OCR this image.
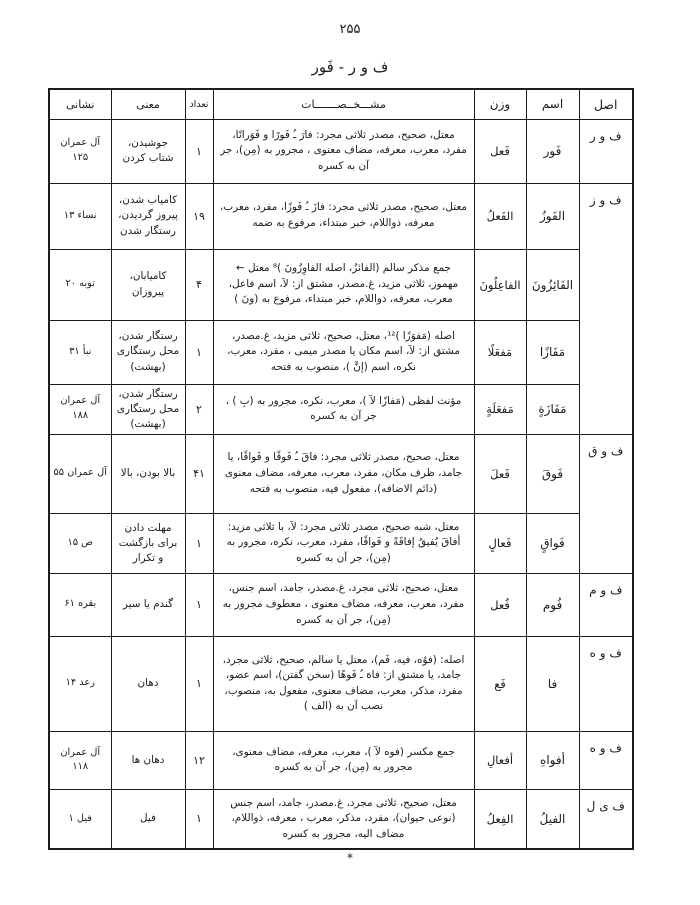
۲۵۵
ف و ر - فَور
اصل	اسم	وزن	مشـــخــصـــــــات	تعداد	معنی	نشانی
ف و ر	فَور	فَعل	معتل، صحیح، مصدر ثلاثی مجرد: فارَ ـُ فَورًا و فَوَرانًا، مفرد، معرب، معرفه، مضاف معنوی ، مجرور به (مِن)، جر آن به کسره	۱	جوشیدن، شتاب کردن	آل عمران ۱۲۵
ف و ز	الفَوزُ	الفَعلُ	معتل، صحیح، مصدر ثلاثی مجرد: فازَ ـُ فَوزًا، مفرد، معرب، معرفه، ذواللام، خبر مبتداء، مرفوع به ضمه	۱۹	کامیاب شدن، پیروز گردیدن، رستگار شدن	نساء ۱۳
	الفَائِزُونَ	الفاعِلُونَ	جمع مذکر سالم (الفائزُ، اصله الفاوِزُونَ )⁸ معتل ← مهموز، ثلاثی مزید، غ.مصدر، مشتق از: ﻵ، اسم فاعل، معرب، معرفه، ذواللام، خبر مبتداء، مرفوع به (ونَ )	۴	کامیابان، پیروزان	توبه ۲۰
	مَفَازًا	مَفعَلًا	اصله (مَفوَزًا )¹²، معتل، صحیح، ثلاثی مزید، غ.مصدر، مشتق از: ﻵ، اسم مکان یا مصدر میمی ، مفرد، معرب، نکره، اسم (إنَّ )، منصوب به فتحه	۱	رستگار شدن، محل رستگاری (بهشت)	نبأ ۳۱
	مَفَازَةٍ	مَفعَلَةٍ	مؤنث لفظی (مَفازًا ﻵ )، معرب، نکره، مجرور به (بِ ) ، جر آن به کسره	۲	رستگار شدن، محل رستگاری (بهشت)	آل عمران ۱۸۸
ف و ق	فَوقَ	فَعلَ	معتل، صحیح، مصدر ثلاثی مجرد: فاقَ ـُ فَوقًا و فَواقًا، یا جامد، ظرف مکان، مفرد، معرب، معرفه، مضاف معنوی (دائم الاضافه)، مفعول فیه، منصوب به فتحه	۴۱	بالا بودن، بالا	آل عمران ۵۵
	فَواقٍ	فَعالٍ	معتل، شبه صحیح، مصدر ثلاثی مجرد: ﻵ، با ثلاثی مزید: أفاقَ یُفیقُ إفاقَةً و فَواقًا، مفرد، معرب، نکره، مجرور به (مِن)، جر آن به کسره	۱	مهلت دادن برای بازگشت و تکرار	ص ۱۵
ف و م	فُوم	فُعل	معتل، صحیح، ثلاثی مجرد، غ.مصدر، جامد، اسم جنس، مفرد، معرب، معرفه، مضاف معنوی ، معطوف مجرور به (مِن)، جر آن به کسره	۱	گندم یا سیر	بقره ۶۱
ف و ه	فا	فَع	اصله: (فوُه، فیه، فَم)، معتل یا سالم، صحیح، ثلاثی مجرد، جامد، یا مشتق از: فاهَ ـُ فَوهًا (سخن گفتن)، اسم عضو، مفرد، مذکر، معرب، مضاف معنوی، مفعول به، منصوب، نصب آن به (الف )	۱	دهان	رعد ۱۴
ف و ه	أفواهِ	أفعالِ	جمع مکسر (فوه ﻵ )، معرب، معرفه، مضاف معنوی، مجرور به (مِن)، جر آن به کسره	۱۲	دهان ها	آل عمران ۱۱۸
ف ی ل	الفیلُ	الفِعلُ	معتل، صحیح، ثلاثی مجرد، غ.مصدر، جامد، اسم جنس (نوعی حیوان)، مفرد، مذکر، معرب ، معرفه، ذواللام، مضاف الیه، مجرور به کسره	۱	فیل	فیل ۱
*
